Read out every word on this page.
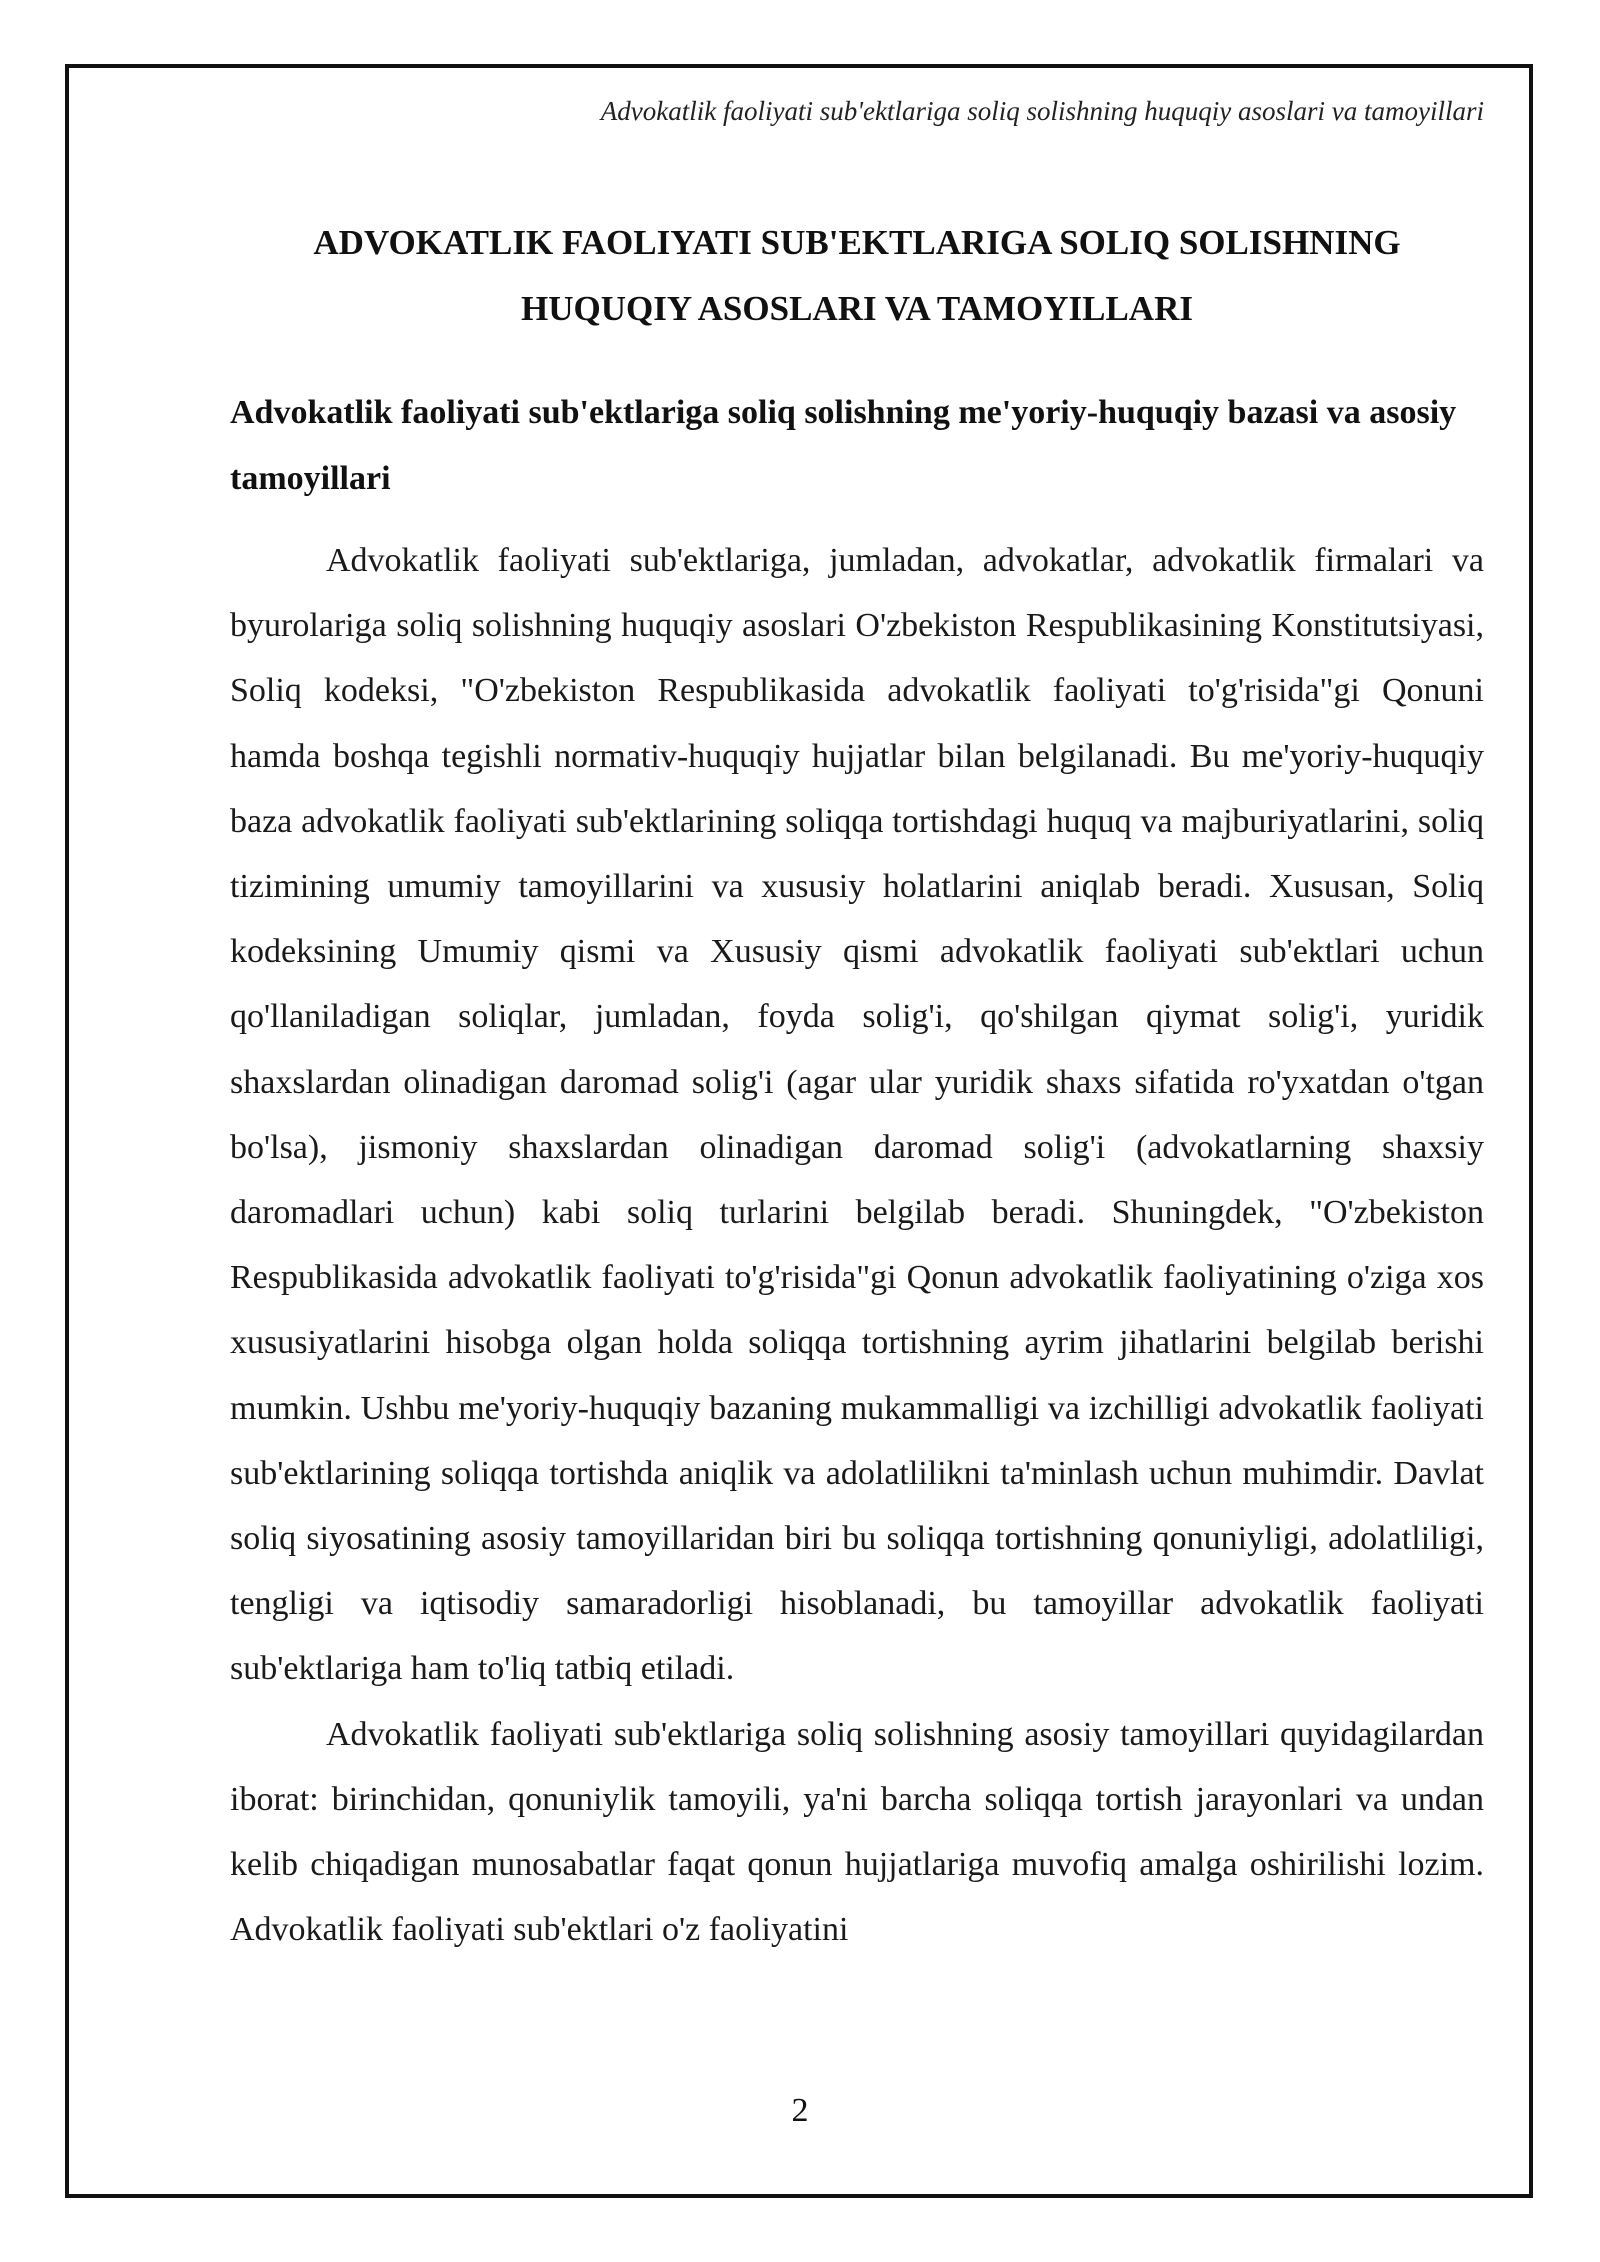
Advokatlik faoliyati sub'ektlariga soliq solishning huquqiy asoslari va tamoyillari
ADVOKATLIK FAOLIYATI SUB'EKTLARIGA SOLIQ SOLISHNING
HUQUQIY ASOSLARI VA TAMOYILLARI
Advokatlik faoliyati sub'ektlariga soliq solishning me'yoriy-huquqiy bazasi va asosiy tamoyillari

Advokatlik faoliyati sub'ektlariga, jumladan, advokatlar, advokatlik firmalari va byurolariga soliq solishning huquqiy asoslari O'zbekiston Respublikasining Konstitutsiyasi, Soliq kodeksi, "O'zbekiston Respublikasida advokatlik faoliyati to'g'risida"gi Qonuni hamda boshqa tegishli normativ-huquqiy hujjatlar bilan belgilanadi. Bu me'yoriy-huquqiy baza advokatlik faoliyati sub'ektlarining soliqqa tortishdagi huquq va majburiyatlarini, soliq tizimining umumiy tamoyillarini va xususiy holatlarini aniqlab beradi. Xususan, Soliq kodeksining Umumiy qismi va Xususiy qismi advokatlik faoliyati sub'ektlari uchun qo'llaniladigan soliqlar, jumladan, foyda solig'i, qo'shilgan qiymat solig'i, yuridik shaxslardan olinadigan daromad solig'i (agar ular yuridik shaxs sifatida ro'yxatdan o'tgan bo'lsa), jismoniy shaxslardan olinadigan daromad solig'i (advokatlarning shaxsiy daromadlari uchun) kabi soliq turlarini belgilab beradi. Shuningdek, "O'zbekiston Respublikasida advokatlik faoliyati to'g'risida"gi Qonun advokatlik faoliyatining o'ziga xos xususiyatlarini hisobga olgan holda soliqqa tortishning ayrim jihatlarini belgilab berishi mumkin. Ushbu me'yoriy-huquqiy bazaning mukammalligi va izchilligi advokatlik faoliyati sub'ektlarining soliqqa tortishda aniqlik va adolatlilikni ta'minlash uchun muhimdir. Davlat soliq siyosatining asosiy tamoyillaridan biri bu soliqqa tortishning qonuniyligi, adolatliligi, tengligi va iqtisodiy samaradorligi hisoblanadi, bu tamoyillar advokatlik faoliyati sub'ektlariga ham to'liq tatbiq etiladi.

Advokatlik faoliyati sub'ektlariga soliq solishning asosiy tamoyillari quyidagilardan iborat: birinchidan, qonuniylik tamoyili, ya'ni barcha soliqqa tortish jarayonlari va undan kelib chiqadigan munosabatlar faqat qonun hujjatlariga muvofiq amalga oshirilishi lozim. Advokatlik faoliyati sub'ektlari o'z faoliyatini

2
